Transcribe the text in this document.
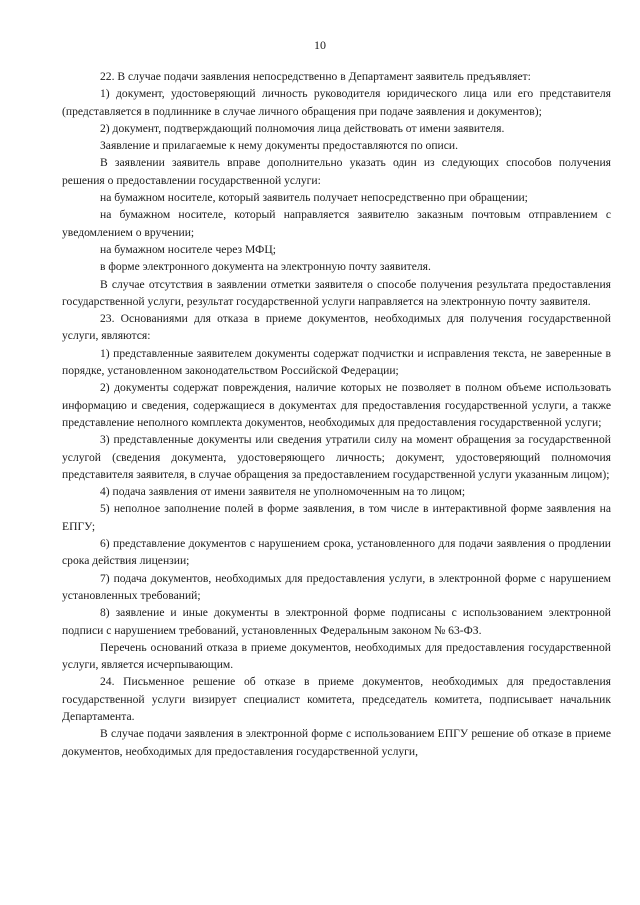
10

22. В случае подачи заявления непосредственно в Департамент заявитель предъявляет:

1) документ, удостоверяющий личность руководителя юридического лица или его представителя (представляется в подлиннике в случае личного обращения при подаче заявления и документов);

2) документ, подтверждающий полномочия лица действовать от имени заявителя.

Заявление и прилагаемые к нему документы предоставляются по описи.

В заявлении заявитель вправе дополнительно указать один из следующих способов получения решения о предоставлении государственной услуги:

на бумажном носителе, который заявитель получает непосредственно при обращении;

на бумажном носителе, который направляется заявителю заказным почтовым отправлением с уведомлением о вручении;

на бумажном носителе через МФЦ;

в форме электронного документа на электронную почту заявителя.

В случае отсутствия в заявлении отметки заявителя о способе получения результата предоставления государственной услуги, результат государственной услуги направляется на электронную почту заявителя.

23. Основаниями для отказа в приеме документов, необходимых для получения государственной услуги, являются:

1) представленные заявителем документы содержат подчистки и исправления текста, не заверенные в порядке, установленном законодательством Российской Федерации;

2) документы содержат повреждения, наличие которых не позволяет в полном объеме использовать информацию и сведения, содержащиеся в документах для предоставления государственной услуги, а также представление неполного комплекта документов, необходимых для предоставления государственной услуги;

3) представленные документы или сведения утратили силу на момент обращения за государственной услугой (сведения документа, удостоверяющего личность; документ, удостоверяющий полномочия представителя заявителя, в случае обращения за предоставлением государственной услуги указанным лицом);

4) подача заявления от имени заявителя не уполномоченным на то лицом;

5) неполное заполнение полей в форме заявления, в том числе в интерактивной форме заявления на ЕПГУ;

6) представление документов с нарушением срока, установленного для подачи заявления о продлении срока действия лицензии;

7) подача документов, необходимых для предоставления услуги, в электронной форме с нарушением установленных требований;

8) заявление и иные документы в электронной форме подписаны с использованием электронной подписи с нарушением требований, установленных Федеральным законом № 63-ФЗ.

Перечень оснований отказа в приеме документов, необходимых для предоставления государственной услуги, является исчерпывающим.

24. Письменное решение об отказе в приеме документов, необходимых для предоставления государственной услуги визирует специалист комитета, председатель комитета, подписывает начальник Департамента.

В случае подачи заявления в электронной форме с использованием ЕПГУ решение об отказе в приеме документов, необходимых для предоставления государственной услуги,
